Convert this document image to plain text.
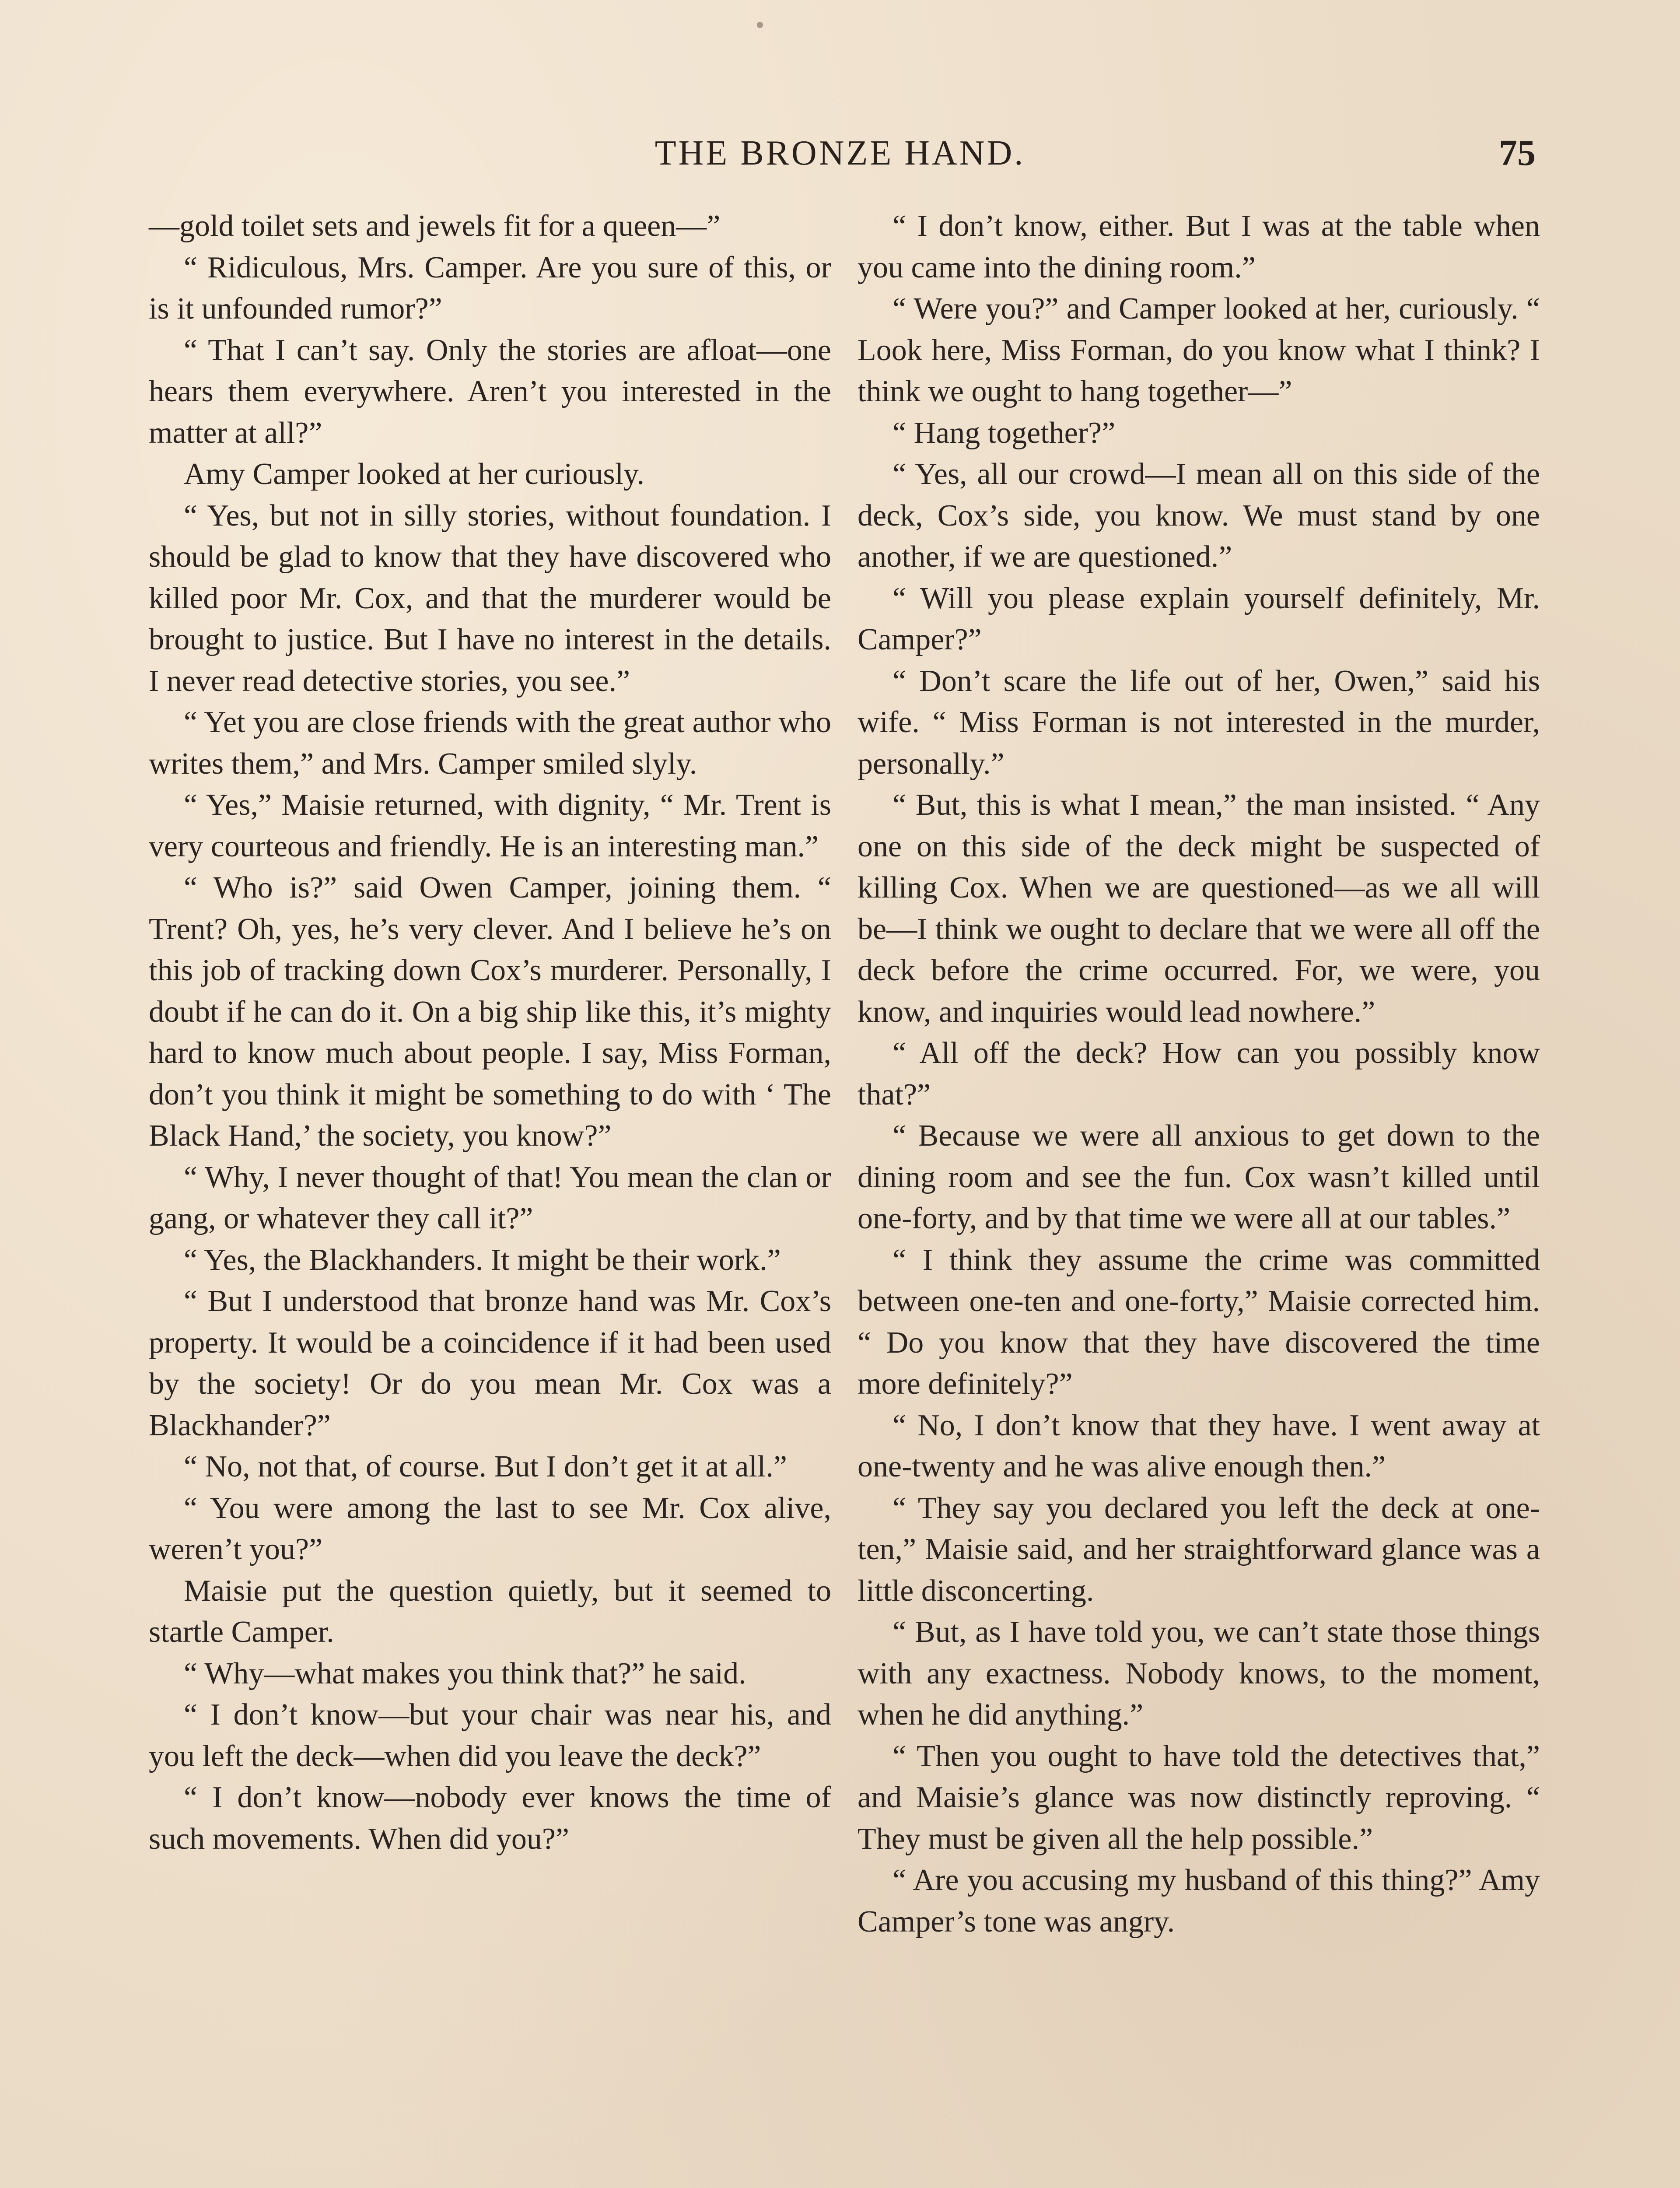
THE BRONZE HAND.	75

—gold toilet sets and jewels fit for a queen—”

“ Ridiculous, Mrs. Camper. Are you sure of this, or is it unfounded rumor?”

“ That I can’t say. Only the stories are afloat—one hears them everywhere. Aren’t you interested in the matter at all?”

Amy Camper looked at her curiously.

“ Yes, but not in silly stories, without foundation. I should be glad to know that they have discovered who killed poor Mr. Cox, and that the murderer would be brought to justice. But I have no interest in the details. I never read detective stories, you see.”

“ Yet you are close friends with the great author who writes them,” and Mrs. Camper smiled slyly.

“ Yes,” Maisie returned, with dignity, “ Mr. Trent is very courteous and friendly. He is an interesting man.”

“ Who is?” said Owen Camper, joining them. “ Trent? Oh, yes, he’s very clever. And I believe he’s on this job of tracking down Cox’s murderer. Personally, I doubt if he can do it. On a big ship like this, it’s mighty hard to know much about people. I say, Miss Forman, don’t you think it might be something to do with ‘ The Black Hand,’ the society, you know?”

“ Why, I never thought of that! You mean the clan or gang, or whatever they call it?”

“ Yes, the Blackhanders. It might be their work.”

“ But I understood that bronze hand was Mr. Cox’s property. It would be a coincidence if it had been used by the society! Or do you mean Mr. Cox was a Blackhander?”

“ No, not that, of course. But I don’t get it at all.”

“ You were among the last to see Mr. Cox alive, weren’t you?”

Maisie put the question quietly, but it seemed to startle Camper.

“ Why—what makes you think that?” he said.

“ I don’t know—but your chair was near his, and you left the deck—when did you leave the deck?”

“ I don’t know—nobody ever knows the time of such movements. When did you?”

“ I don’t know, either. But I was at the table when you came into the dining room.”

“ Were you?” and Camper looked at her, curiously. “ Look here, Miss Forman, do you know what I think? I think we ought to hang together—”

“ Hang together?”

“ Yes, all our crowd—I mean all on this side of the deck, Cox’s side, you know. We must stand by one another, if we are questioned.”

“ Will you please explain yourself definitely, Mr. Camper?”

“ Don’t scare the life out of her, Owen,” said his wife. “ Miss Forman is not interested in the murder, personally.”

“ But, this is what I mean,” the man insisted. “ Any one on this side of the deck might be suspected of killing Cox. When we are questioned—as we all will be—I think we ought to declare that we were all off the deck before the crime occurred. For, we were, you know, and inquiries would lead nowhere.”

“ All off the deck? How can you possibly know that?”

“ Because we were all anxious to get down to the dining room and see the fun. Cox wasn’t killed until one-forty, and by that time we were all at our tables.”

“ I think they assume the crime was committed between one-ten and one-forty,” Maisie corrected him. “ Do you know that they have discovered the time more definitely?”

“ No, I don’t know that they have. I went away at one-twenty and he was alive enough then.”

“ They say you declared you left the deck at one-ten,” Maisie said, and her straightforward glance was a little disconcerting.

“ But, as I have told you, we can’t state those things with any exactness. Nobody knows, to the moment, when he did anything.”

“ Then you ought to have told the detectives that,” and Maisie’s glance was now distinctly reproving. “ They must be given all the help possible.”

“ Are you accusing my husband of this thing?” Amy Camper’s tone was angry.
